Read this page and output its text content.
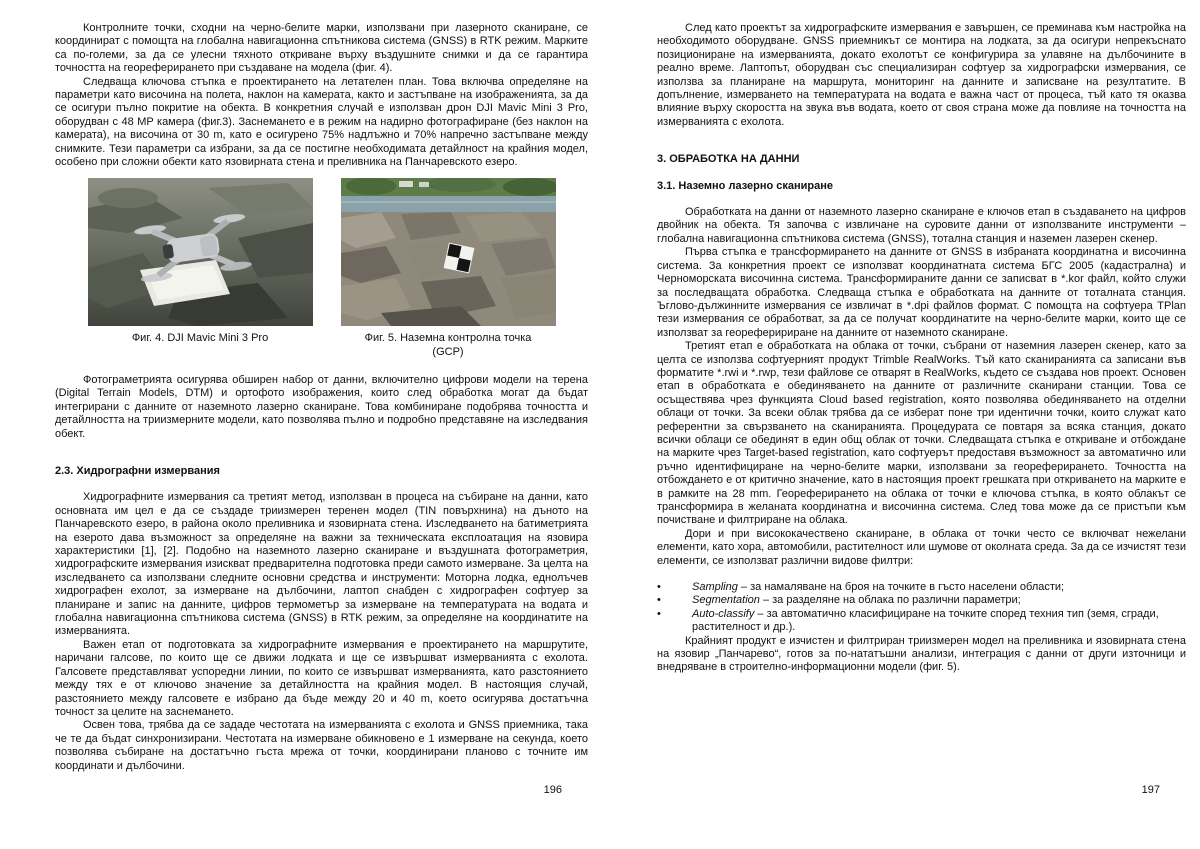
Контролните точки, сходни на черно-белите марки, използвани при лазерното сканиране, се координират с помощта на глобална навигационна спътникова система (GNSS) в RTK режим. Марките са по-големи, за да се улесни тяхното откриване върху въздушните снимки и да се гарантира точността на геореферирането при създаване на модела (фиг. 4).

Следваща ключова стъпка е проектирането на летателен план. Това включва определяне на параметри като височина на полета, наклон на камерата, както и застъпване на изображенията, за да се осигури пълно покритие на обекта. В конкретния случай е използван дрон DJI Mavic Mini 3 Pro, оборудван с 48 MP камера (фиг.3). Заснемането е в режим на надирно фотографиране (без наклон на камерата), на височина от 30 m, като е осигурено 75% надлъжно и 70% напречно застъпване между снимките. Тези параметри са избрани, за да се постигне необходимата детайлност на крайния модел, особено при сложни обекти като язовирната стена и преливника на Панчаревското езеро.

Фиг. 4. DJI Mavic Mini 3 Pro	Фиг. 5. Наземна контролна точка
(GCP)

Фотограметрията осигурява обширен набор от данни, включително цифрови модели на терена (Digital Terrain Models, DTM) и ортофото изображения, които след обработка могат да бъдат интегрирани с данните от наземното лазерно сканиране. Това комбиниране подобрява точността и детайлността на триизмерните модели, като позволява пълно и подробно представяне на изследвания обект.

2.3. Хидрографни измервания

Хидрографните измервания са третият метод, използван в процеса на събиране на данни, като основната им цел е да се създаде триизмерен теренен модел (TIN повърхнина) на дъното на Панчаревското езеро, в района около преливника и язовирната стена. Изследването на батиметрията на езерото дава възможност за определяне на важни за техническата експлоатация на язовира характеристики [1], [2]. Подобно на наземното лазерно сканиране и въздушната фотограметрия, хидрографските измервания изискват предварителна подготовка преди самото измерване. За целта на изследването са използвани следните основни средства и инструменти: Моторна лодка, еднолъчев хидрографен ехолот, за измерване на дълбочини, лаптоп снабден с хидрографен софтуер за планиране и запис на данните, цифров термометър за измерване на температурата на водата и глобална навигационна спътникова система (GNSS) в RTK режим, за определяне на координатите на измерванията.

Важен етап от подготовката за хидрографните измервания е проектирането на маршрутите, наричани галсове, по които ще се движи лодката и ще се извършват измерванията с ехолота. Галсовете представляват успоредни линии, по които се извършват измерванията, като разстоянието между тях е от ключово значение за детайлността на крайния модел. В настоящия случай, разстоянието между галсовете е избрано да бъде между 20 и 40 m, което осигурява достатъчна точност за целите на заснемането.

Освен това, трябва да се зададе честотата на измерванията с ехолота и GNSS приемника, така че те да бъдат синхронизирани. Честотата на измерване обикновено е 1 измерване на секунда, което позволява събиране на достатъчно гъста мрежа от точки, координирани планово с точните им координати и дълбочини.

196

След като проектът за хидрографските измервания е завършен, се преминава към настройка на необходимото оборудване. GNSS приемникът се монтира на лодката, за да осигури непрекъснато позициониране на измерванията, докато ехолотът се конфигурира за улавяне на дълбочините в реално време. Лаптопът, оборудван със специализиран софтуер за хидрографски измервания, се използва за планиране на маршрута, мониторинг на данните и записване на резултатите. В допълнение, измерването на температурата на водата е важна част от процеса, тъй като тя оказва влияние върху скоростта на звука във водата, което от своя страна може да повлияе на точността на измерванията с ехолота.

3. ОБРАБОТКА НА ДАННИ
3.1. Наземно лазерно сканиране

Обработката на данни от наземното лазерно сканиране е ключов етап в създаването на цифров двойник на обекта. Тя започва с извличане на суровите данни от използваните инструменти – глобална навигационна спътникова система (GNSS), тотална станция и наземен лазерен скенер.

Първа стъпка е трансформирането на данните от GNSS в избраната координатна и височинна система. За конкретния проект се използват координатната система БГС 2005 (кадастрална) и Черноморската височинна система. Трансформираните данни се записват в *.kor файл, който служи за последващата обработка. Следваща стъпка е обработката на данните от тоталната станция. Ъглово-дължинните измервания се извличат в *.dpi файлов формат. С помощта на софтуера TPlan тези измервания се обработват, за да се получат координатите на черно-белите марки, които ще се използват за геореферириране на данните от наземното сканиране.

Третият етап е обработката на облака от точки, събрани от наземния лазерен скенер, като за целта се използва софтуерният продукт Trimble RealWorks. Тъй като сканиранията са записани във форматите *.rwi и *.rwp, тези файлове се отварят в RealWorks, където се създава нов проект. Основен етап в обработката е обединяването на данните от различните сканирани станции. Това се осъществява чрез функцията Cloud based registration, която позволява обединяването на отделни облаци от точки. За всеки облак трябва да се изберат поне три идентични точки, които служат като референтни за свързването на сканиранията. Процедурата се повтаря за всяка станция, докато всички облаци се обединят в един общ облак от точки. Следващата стъпка е откриване и отбождане на марките чрез Target-based registration, като софтуерът предоставя възможност за автоматично или ръчно идентифициране на черно-белите марки, използвани за геореферирането. Точността на отбождането е от критично значение, като в настоящия проект грешката при откриването на марките е в рамките на 28 mm. Геореферирането на облака от точки е ключова стъпка, в която облакът се трансформира в желаната координатна и височинна система. След това може да се пристъпи към почистване и филтриране на облака.

Дори и при висококачествено сканиране, в облака от точки често се включват нежелани елементи, като хора, автомобили, растителност или шумове от околната среда. За да се изчистят тези елементи, се използват различни видове филтри:

•	Sampling – за намаляване на броя на точките в гъсто населени области;
•	Segmentation – за разделяне на облака по различни параметри;
•	Auto-classify – за автоматично класифициране на точките според техния тип (земя, сгради, растителност и др.).

Крайният продукт е изчистен и филтриран триизмерен модел на преливника и язовирната стена на язовир „Панчарево“, готов за по-нататъшни анализи, интеграция с данни от други източници и внедряване в строително-информационни модели (фиг. 5).

197
